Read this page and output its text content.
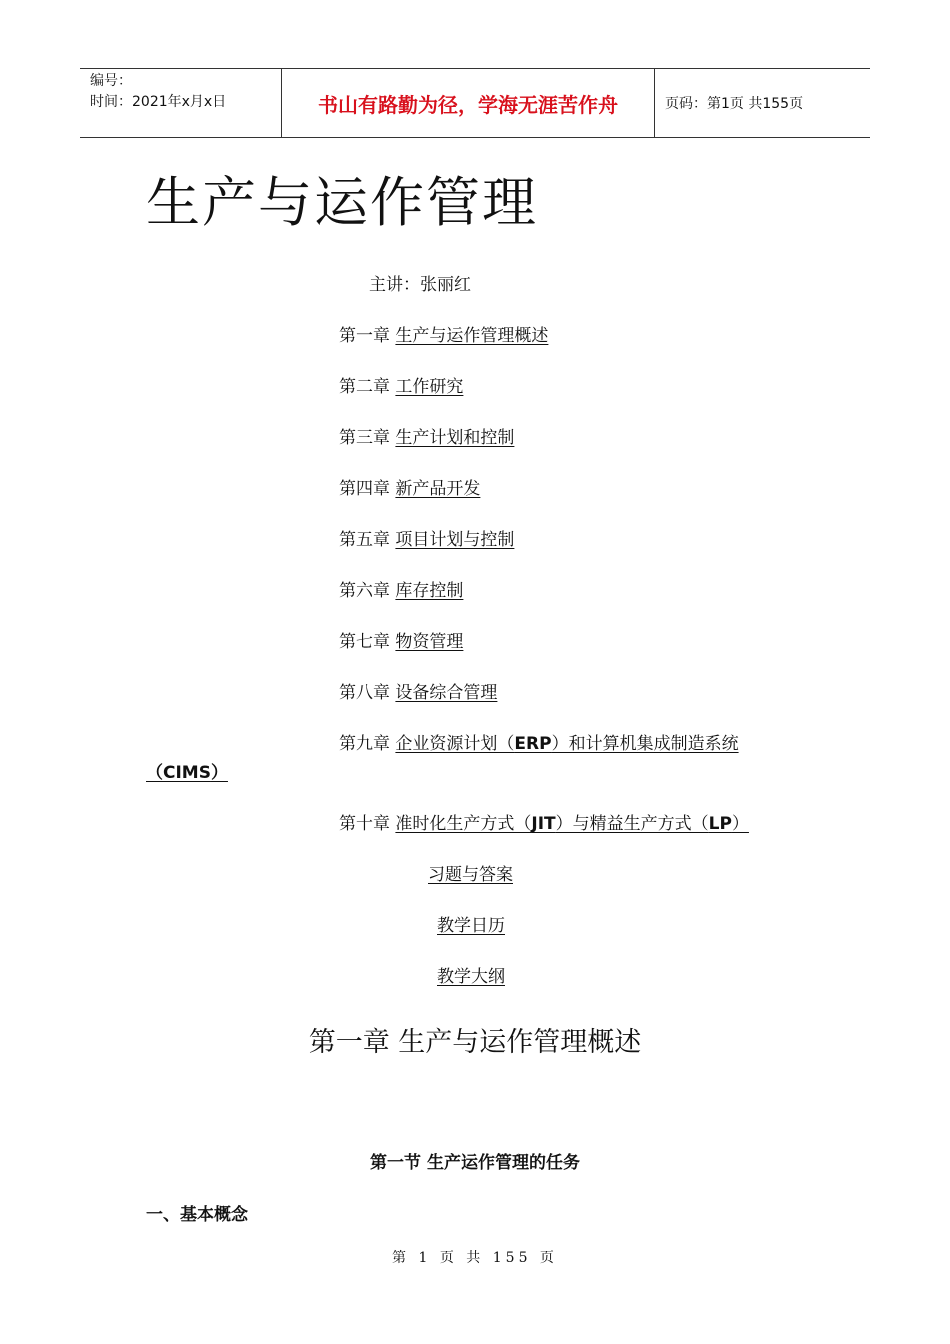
编号：
时间：2021年x月x日	书山有路勤为径，学海无涯苦作舟	页码：第1页 共155页
生产与运作管理
主讲：张丽红
第一章 生产与运作管理概述
第二章 工作研究
第三章 生产计划和控制
第四章 新产品开发
第五章 项目计划与控制
第六章 库存控制
第七章 物资管理
第八章 设备综合管理
第九章 企业资源计划（ERP）和计算机集成制造系统
（CIMS）
第十章 准时化生产方式（JIT）与精益生产方式（LP）
习题与答案
教学日历
教学大纲
第一章 生产与运作管理概述
第一节 生产运作管理的任务
一、基本概念
第 1 页 共 155 页
